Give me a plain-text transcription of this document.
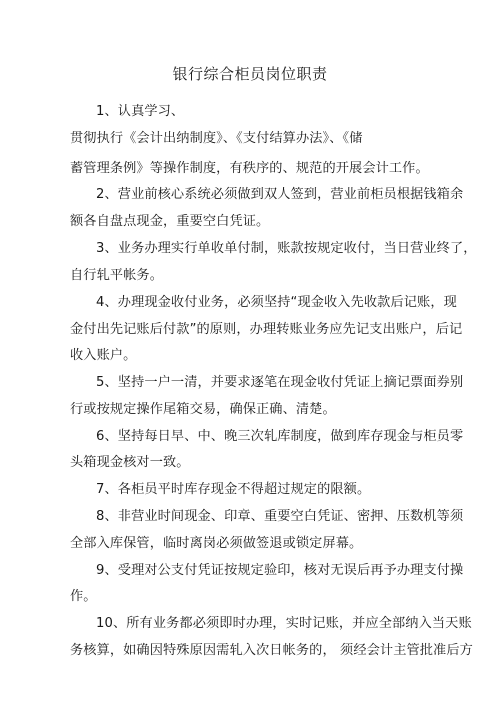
银行综合柜员岗位职责
1、认真学习、
贯彻执行《会计出纳制度》、《支付结算办法》、《储
蓄管理条例》等操作制度，有秩序的、规范的开展会计工作。
2、营业前核心系统必须做到双人签到，营业前柜员根据钱箱余
额各自盘点现金，重要空白凭证。
3、业务办理实行单收单付制，账款按规定收付，当日营业终了，
自行轧平帐务。
4、办理现金收付业务，必须坚持“现金收入先收款后记账，现
金付出先记账后付款”的原则，办理转账业务应先记支出账户，后记
收入账户。
5、坚持一户一清，并要求逐笔在现金收付凭证上摘记票面券别
行或按规定操作尾箱交易，确保正确、清楚。
6、坚持每日早、中、晚三次轧库制度，做到库存现金与柜员零
头箱现金核对一致。
7、各柜员平时库存现金不得超过规定的限额。
8、非营业时间现金、印章、重要空白凭证、密押、压数机等须
全部入库保管，临时离岗必须做签退或锁定屏幕。
9、受理对公支付凭证按规定验印，核对无误后再予办理支付操
作。
10、所有业务都必须即时办理，实时记账，并应全部纳入当天账
务核算，如确因特殊原因需轧入次日帐务的， 须经会计主管批准后方
